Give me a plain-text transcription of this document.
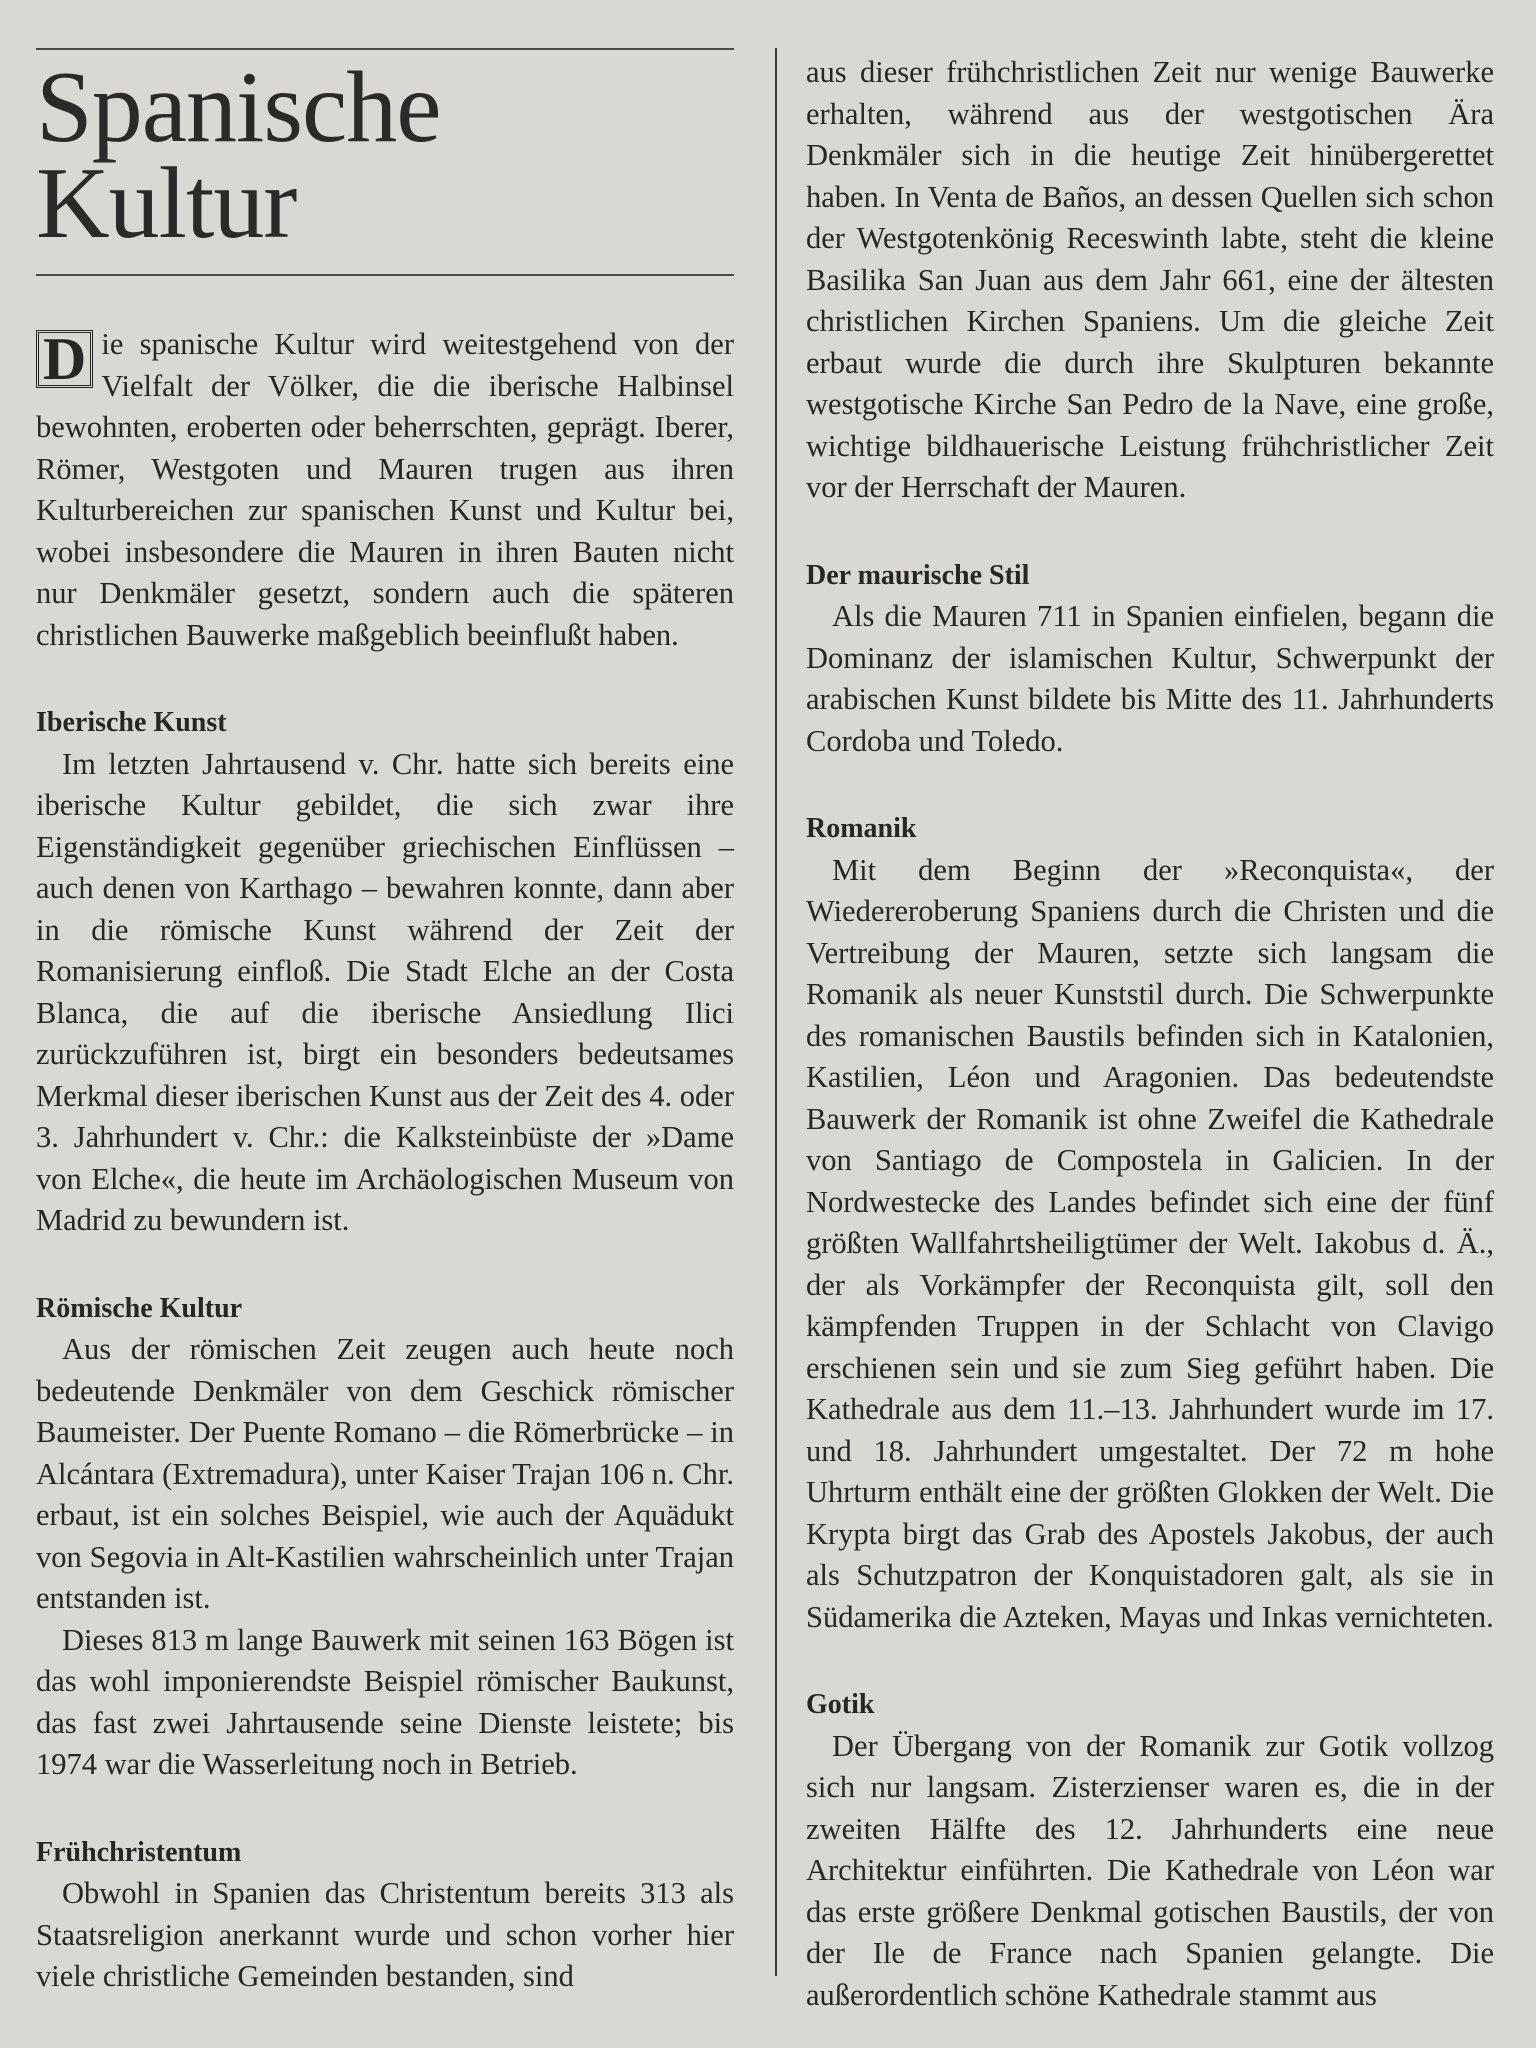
Spanische
Kultur

D ie spanische Kultur wird weitestgehend von der Vielfalt der Völker, die die iberische Halbinsel bewohnten, eroberten oder beherrschten, geprägt. Iberer, Römer, Westgoten und Mauren trugen aus ihren Kulturbereichen zur spanischen Kunst und Kultur bei, wobei insbesondere die Mauren in ihren Bauten nicht nur Denkmäler gesetzt, sondern auch die späteren christlichen Bauwerke maßgeblich beeinflußt haben.

Iberische Kunst

Im letzten Jahrtausend v. Chr. hatte sich bereits eine iberische Kultur gebildet, die sich zwar ihre Eigenständigkeit gegenüber griechischen Einflüssen – auch denen von Karthago – bewahren konnte, dann aber in die römische Kunst während der Zeit der Romanisierung einfloß. Die Stadt Elche an der Costa Blanca, die auf die iberische Ansiedlung Ilici zurückzuführen ist, birgt ein besonders bedeutsames Merkmal dieser iberischen Kunst aus der Zeit des 4. oder 3. Jahrhundert v. Chr.: die Kalksteinbüste der »Dame von Elche«, die heute im Archäologischen Museum von Madrid zu bewundern ist.

Römische Kultur

Aus der römischen Zeit zeugen auch heute noch bedeutende Denkmäler von dem Geschick römischer Baumeister. Der Puente Romano – die Römerbrücke – in Alcántara (Extremadura), unter Kaiser Trajan 106 n. Chr. erbaut, ist ein solches Beispiel, wie auch der Aquädukt von Segovia in Alt-Kastilien wahrscheinlich unter Trajan entstanden ist.

Dieses 813 m lange Bauwerk mit seinen 163 Bögen ist das wohl imponierendste Beispiel römischer Baukunst, das fast zwei Jahrtausende seine Dienste leistete; bis 1974 war die Wasserleitung noch in Betrieb.

Frühchristentum

Obwohl in Spanien das Christentum bereits 313 als Staatsreligion anerkannt wurde und schon vorher hier viele christliche Gemeinden bestanden, sind

aus dieser frühchristlichen Zeit nur wenige Bauwerke erhalten, während aus der westgotischen Ära Denkmäler sich in die heutige Zeit hinübergerettet haben. In Venta de Baños, an dessen Quellen sich schon der Westgotenkönig Receswinth labte, steht die kleine Basilika San Juan aus dem Jahr 661, eine der ältesten christlichen Kirchen Spaniens. Um die gleiche Zeit erbaut wurde die durch ihre Skulpturen bekannte westgotische Kirche San Pedro de la Nave, eine große, wichtige bildhauerische Leistung frühchristlicher Zeit vor der Herrschaft der Mauren.

Der maurische Stil

Als die Mauren 711 in Spanien einfielen, begann die Dominanz der islamischen Kultur, Schwerpunkt der arabischen Kunst bildete bis Mitte des 11. Jahrhunderts Cordoba und Toledo.

Romanik

Mit dem Beginn der »Reconquista«, der Wiedereroberung Spaniens durch die Christen und die Vertreibung der Mauren, setzte sich langsam die Romanik als neuer Kunststil durch. Die Schwerpunkte des romanischen Baustils befinden sich in Katalonien, Kastilien, Léon und Aragonien. Das bedeutendste Bauwerk der Romanik ist ohne Zweifel die Kathedrale von Santiago de Compostela in Galicien. In der Nordwestecke des Landes befindet sich eine der fünf größten Wallfahrtsheiligtümer der Welt. Iakobus d. Ä., der als Vorkämpfer der Reconquista gilt, soll den kämpfenden Truppen in der Schlacht von Clavigo erschienen sein und sie zum Sieg geführt haben. Die Kathedrale aus dem 11.–13. Jahrhundert wurde im 17. und 18. Jahrhundert umgestaltet. Der 72 m hohe Uhrturm enthält eine der größten Glokken der Welt. Die Krypta birgt das Grab des Apostels Jakobus, der auch als Schutzpatron der Konquistadoren galt, als sie in Südamerika die Azteken, Mayas und Inkas vernichteten.

Gotik

Der Übergang von der Romanik zur Gotik vollzog sich nur langsam. Zisterzienser waren es, die in der zweiten Hälfte des 12. Jahrhunderts eine neue Architektur einführten. Die Kathedrale von Léon war das erste größere Denkmal gotischen Baustils, der von der Ile de France nach Spanien gelangte. Die außerordentlich schöne Kathedrale stammt aus
